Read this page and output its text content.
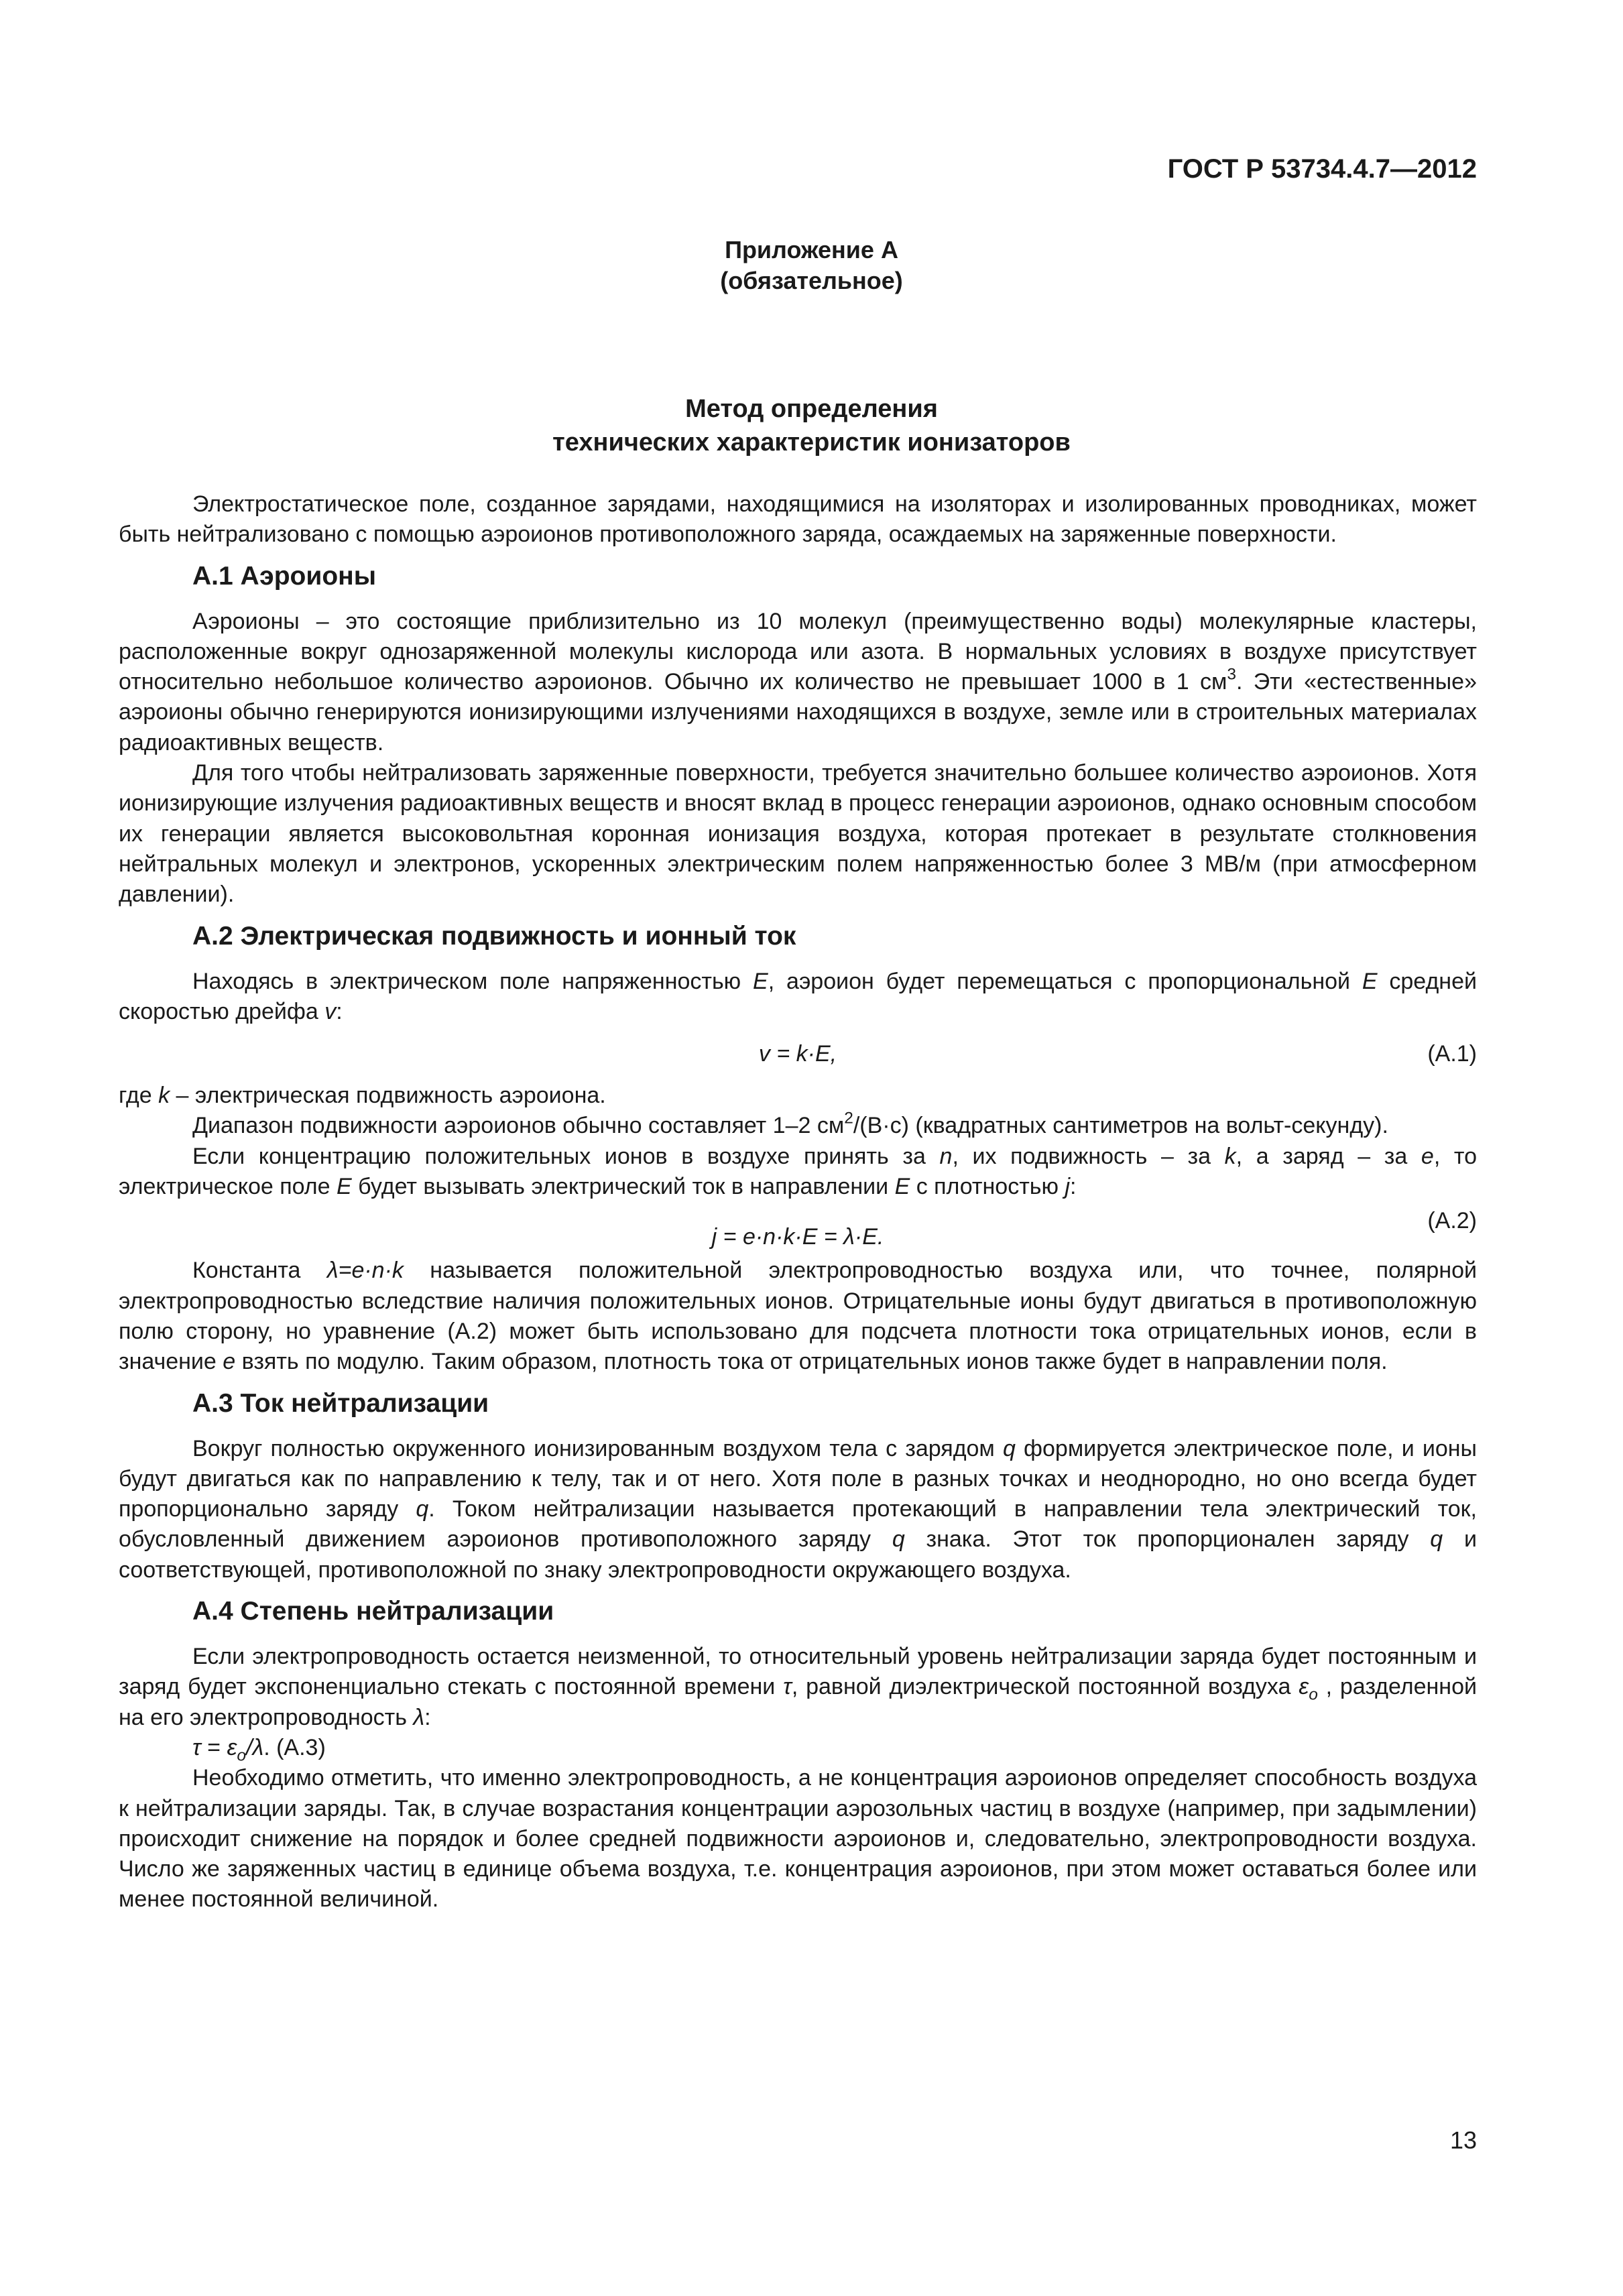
ГОСТ Р 53734.4.7—2012
Приложение А
(обязательное)
Метод определения
технических характеристик ионизаторов

Электростатическое поле, созданное зарядами, находящимися на изоляторах и изолированных проводниках, может быть нейтрализовано с помощью аэроионов противоположного заряда, осаждаемых на заряженные поверхности.

А.1 Аэроионы

Аэроионы – это состоящие приблизительно из 10 молекул (преимущественно воды) молекулярные кластеры, расположенные вокруг однозаряженной молекулы кислорода или азота. В нормальных условиях в воздухе присутствует относительно небольшое количество аэроионов. Обычно их количество не превышает 1000 в 1 $см^3$. Эти «естественные» аэроионы обычно генерируются ионизирующими излучениями находящихся в воздухе, земле или в строительных материалах радиоактивных веществ.

Для того чтобы нейтрализовать заряженные поверхности, требуется значительно большее количество аэроионов. Хотя ионизирующие излучения радиоактивных веществ и вносят вклад в процесс генерации аэроионов, однако основным способом их генерации является высоковольтная коронная ионизация воздуха, которая протекает в результате столкновения нейтральных молекул и электронов, ускоренных электрическим полем напряженностью более 3 МВ/м (при атмосферном давлении).

А.2 Электрическая подвижность и ионный ток

Находясь в электрическом поле напряженностью E, аэроион будет перемещаться с пропорциональной E средней скоростью дрейфа v:

v = k·E,	(А.1)

где k – электрическая подвижность аэроиона.

Диапазон подвижности аэроионов обычно составляет 1–2 $см^2/(В\cdot с)$ (квадратных сантиметров на вольт-секунду).

Если концентрацию положительных ионов в воздухе принять за n, их подвижность – за k, а заряд – за e, то электрическое поле E будет вызывать электрический ток в направлении E с плотностью j:

j = e·n·k·E = λ·E.
(А.2)

Константа λ=e·n·k называется положительной электропроводностью воздуха или, что точнее, полярной электропроводностью вследствие наличия положительных ионов. Отрицательные ионы будут двигаться в противоположную полю сторону, но уравнение (А.2) может быть использовано для подсчета плотности тока отрицательных ионов, если в значение e взять по модулю. Таким образом, плотность тока от отрицательных ионов также будет в направлении поля.

А.3 Ток нейтрализации

Вокруг полностью окруженного ионизированным воздухом тела с зарядом q формируется электрическое поле, и ионы будут двигаться как по направлению к телу, так и от него. Хотя поле в разных точках и неоднородно, но оно всегда будет пропорционально заряду q. Током нейтрализации называется протекающий в направлении тела электрический ток, обусловленный движением аэроионов противоположного заряду q знака. Этот ток пропорционален заряду q и соответствующей, противоположной по знаку электропроводности окружающего воздуха.

А.4 Степень нейтрализации

Если электропроводность остается неизменной, то относительный уровень нейтрализации заряда будет постоянным и заряд будет экспоненциально стекать с постоянной времени τ, равной диэлектрической постоянной воздуха $\varepsilon_o$ , разделенной на его электропроводность λ:

$\tau = \varepsilon_o/\lambda$. (А.3)

Необходимо отметить, что именно электропроводность, а не концентрация аэроионов определяет способность воздуха к нейтрализации заряды. Так, в случае возрастания концентрации аэрозольных частиц в воздухе (например, при задымлении) происходит снижение на порядок и более средней подвижности аэроионов и, следовательно, электропроводности воздуха. Число же заряженных частиц в единице объема воздуха, т.е. концентрация аэроионов, при этом может оставаться более или менее постоянной величиной.

13
